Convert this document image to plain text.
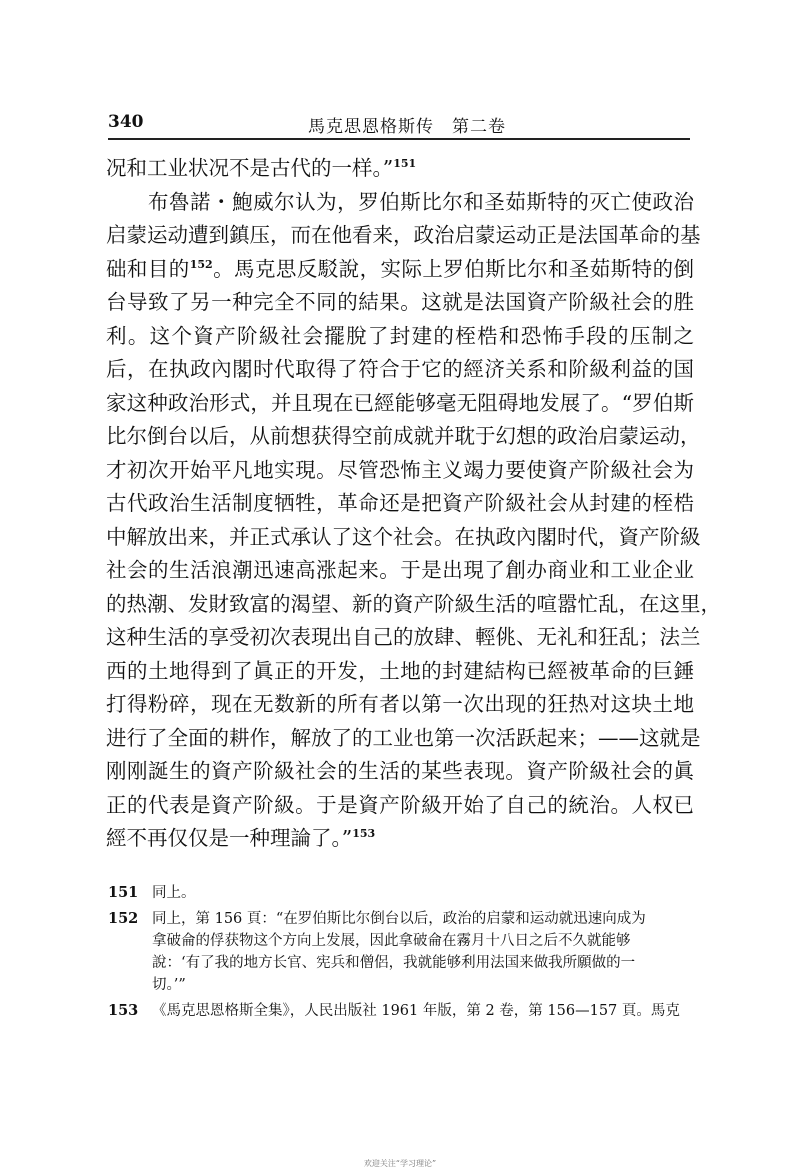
340	馬克思恩格斯传　第二卷
况和工业状况不是古代的一样。”$^{151}$
布魯諾・鮑威尔认为，罗伯斯比尔和圣茹斯特的灭亡使政治
启蒙运动遭到鎮压，而在他看来，政治启蒙运动正是法国革命的基
础和目的$^{152}$。馬克思反駁說，实际上罗伯斯比尔和圣茹斯特的倒
台导致了另一种完全不同的結果。这就是法国資产阶級社会的胜
利。这个資产阶級社会擺脫了封建的桎梏和恐怖手段的压制之
后，在执政內閣时代取得了符合于它的經济关系和阶級利益的国
家这种政治形式，并且現在已經能够毫无阻碍地发展了。“罗伯斯
比尔倒台以后，从前想获得空前成就并耽于幻想的政治启蒙运动，
才初次开始平凡地实現。尽管恐怖主义竭力要使資产阶級社会为
古代政治生活制度牺牲，革命还是把資产阶級社会从封建的桎梏
中解放出来，并正式承认了这个社会。在执政內閣时代，資产阶級
社会的生活浪潮迅速高涨起来。于是出現了創办商业和工业企业
的热潮、发財致富的渴望、新的資产阶級生活的喧嚣忙乱，在这里，
这种生活的享受初次表現出自己的放肆、輕佻、无礼和狂乱；法兰
西的土地得到了眞正的开发，土地的封建結构已經被革命的巨錘
打得粉碎，现在无数新的所有者以第一次出现的狂热对这块土地
进行了全面的耕作，解放了的工业也第一次活跃起来；——这就是
刚刚誕生的資产阶級社会的生活的某些表现。資产阶級社会的眞
正的代表是資产阶級。于是資产阶級开始了自己的統治。人权已
經不再仅仅是一种理論了。”$^{153}$
151 同上。
152 同上，第 156 頁：“在罗伯斯比尔倒台以后，政治的启蒙和运动就迅速向成为
拿破侖的俘获物这个方向上发展，因此拿破侖在霧月十八日之后不久就能够
說：‘有了我的地方长官、宪兵和僧侶，我就能够利用法国来做我所願做的一
切。’”
153 《馬克思恩格斯全集》，人民出版社 1961 年版，第 2 卷，第 156—157 頁。馬克
欢迎关注“学习理论”
